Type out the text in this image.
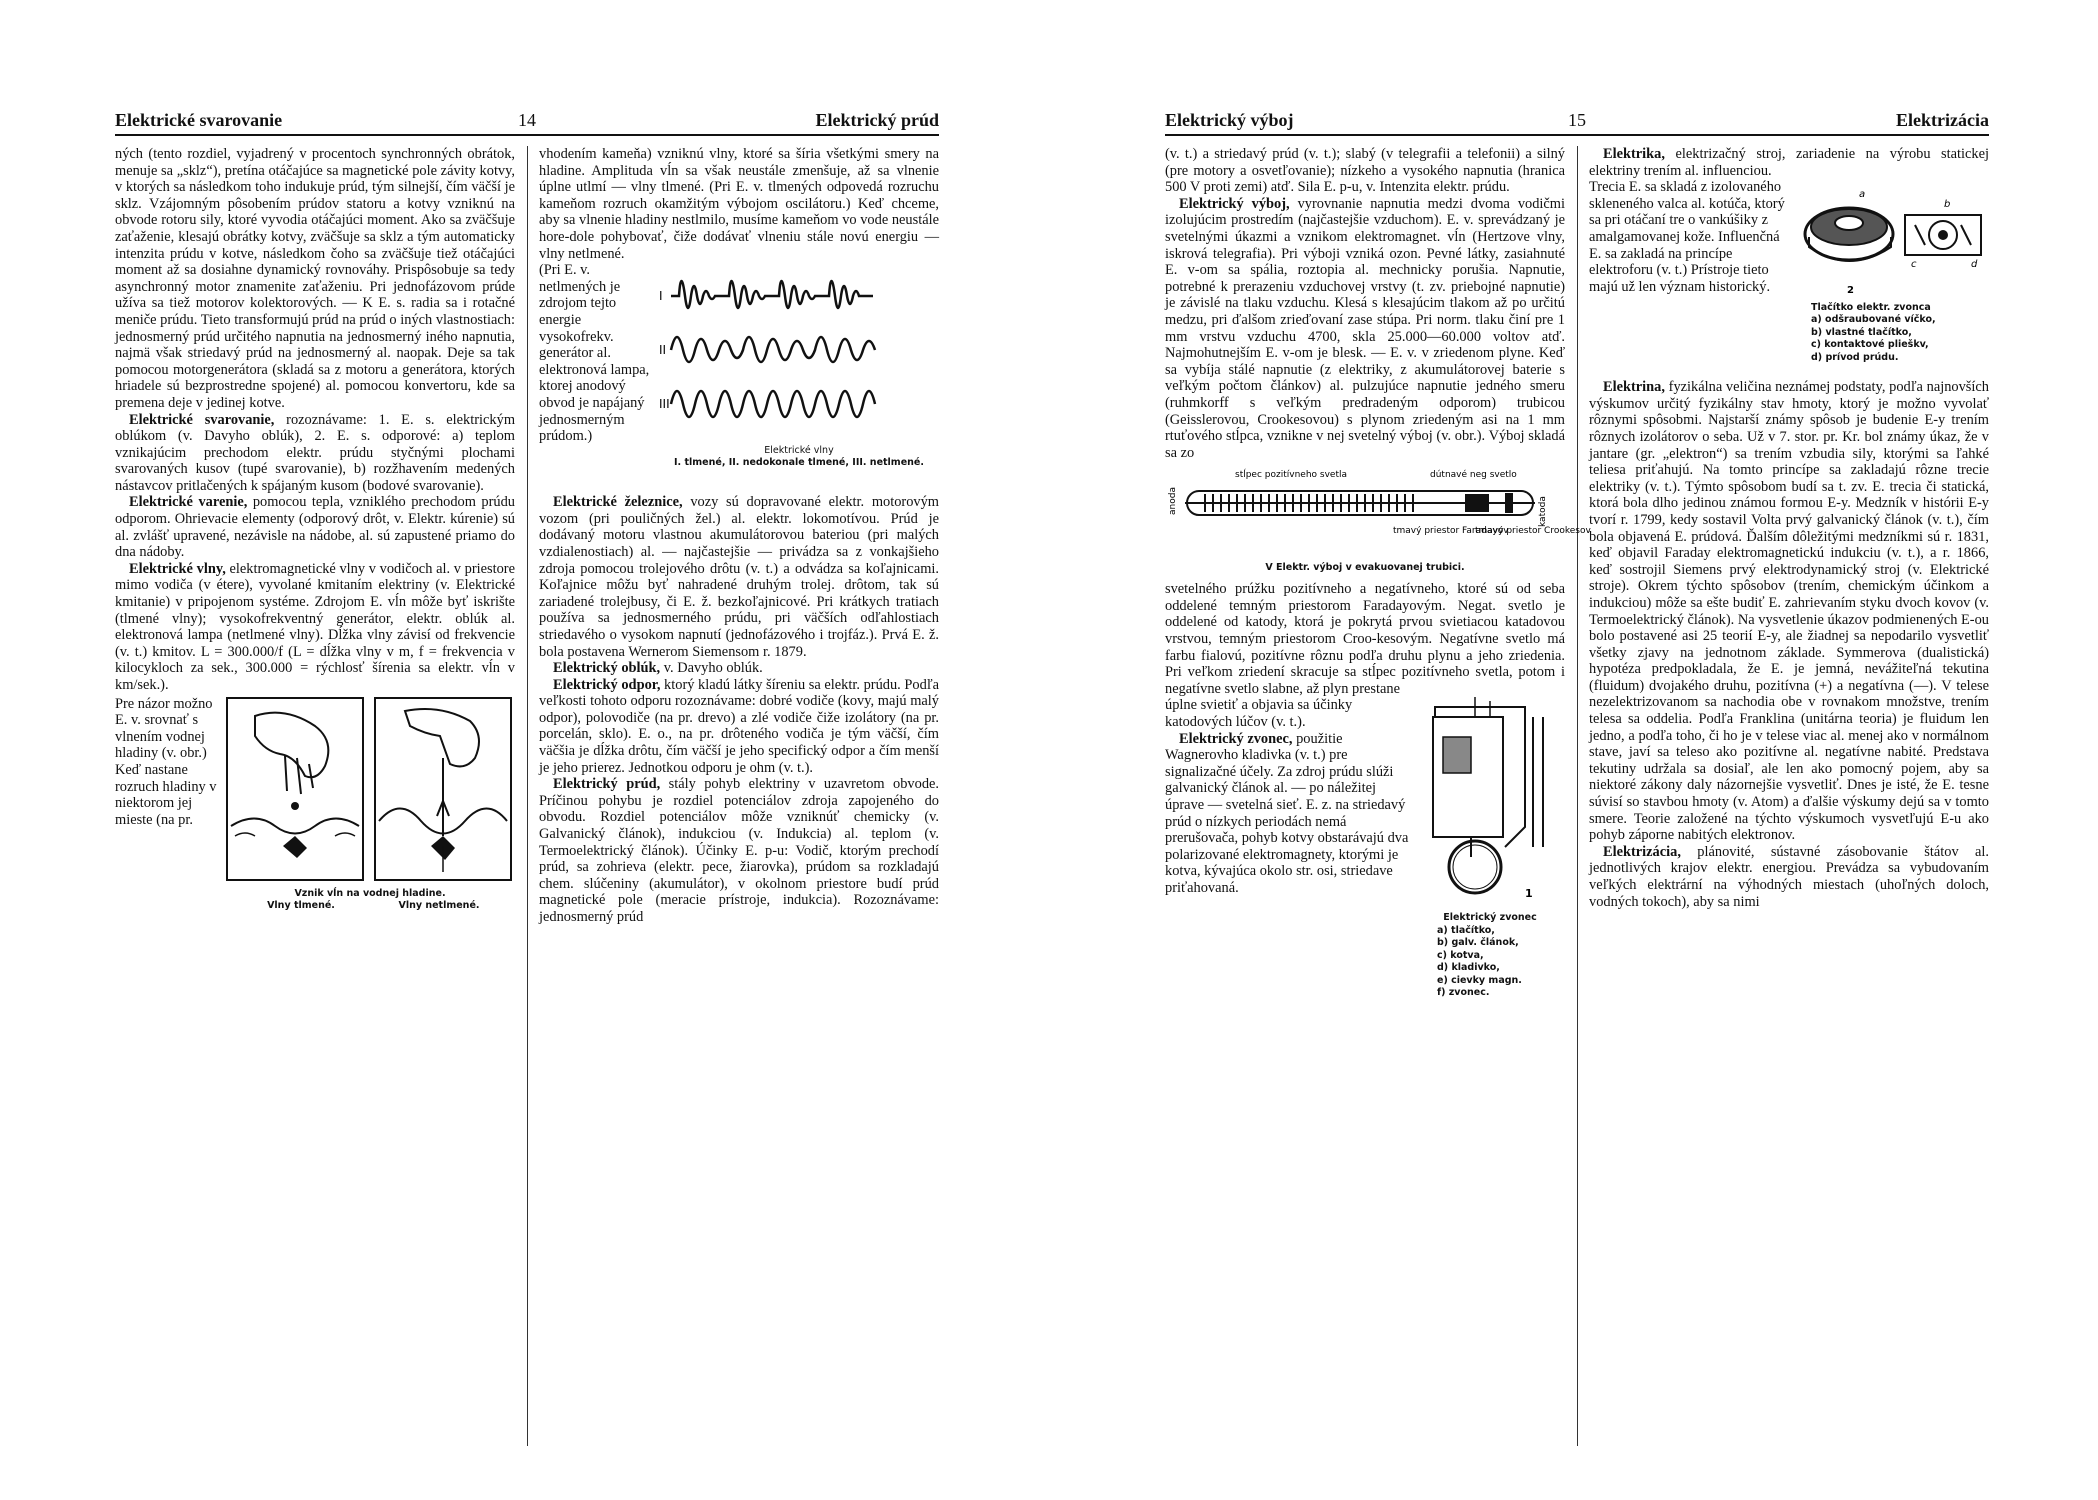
Elektrické svarovanie	14	Elektrický prúd

ných (tento rozdiel, vyjadrený v procentoch synchronných obrátok, menuje sa „sklz“), pretína otáčajúce sa magnetické pole závity kotvy, v ktorých sa následkom toho indukuje prúd, tým silnejší, čím väčší je sklz. Vzájomným pôsobením prúdov statoru a kotvy vzniknú na obvode rotoru sily, ktoré vyvodia otáčajúci moment. Ako sa zväčšuje zaťaženie, klesajú obrátky kotvy, zväčšuje sa sklz a tým automaticky intenzita prúdu v kotve, následkom čoho sa zväčšuje tiež otáčajúci moment až sa dosiahne dynamický rovnováhy. Prispôsobuje sa tedy asynchronný motor znamenite zaťaženiu. Pri jednofázovom prúde užíva sa tiež motorov kolektorových. — K E. s. radia sa i rotačné meniče prúdu. Tieto transformujú prúd na prúd o iných vlastnostiach: jednosmerný prúd určitého napnutia na jednosmerný iného napnutia, najmä však striedavý prúd na jednosmerný al. naopak. Deje sa tak pomocou motorgenerátora (skladá sa z motoru a generátora, ktorých hriadele sú bezprostredne spojené) al. pomocou konvertoru, kde sa premena deje v jedinej kotve.

Elektrické svarovanie, rozoznávame: 1. E. s. elektrickým oblúkom (v. Davyho oblúk), 2. E. s. odporové: a) teplom vznikajúcim prechodom elektr. prúdu styčnými plochami svarovaných kusov (tupé svarovanie), b) rozžhavením medených nástavcov pritlačených k spájaným kusom (bodové svarovanie).

Elektrické varenie, pomocou tepla, vzniklého prechodom prúdu odporom. Ohrievacie elementy (odporový drôt, v. Elektr. kúrenie) sú al. zvlášť upravené, nezávisle na nádobe, al. sú zapustené priamo do dna nádoby.

Elektrické vlny, elektromagnetické vlny v vodičoch al. v priestore mimo vodiča (v étere), vyvolané kmitaním elektriny (v. Elektrické kmitanie) v pripojenom systéme. Zdrojom E. vĺn môže byť iskrište (tlmené vlny); vysokofrekventný generátor, elektr. oblúk al. elektronová lampa (netlmené vlny). Dĺžka vlny závisí od frekvencie (v. t.) kmitov. L = 300.000/f (L = dĺžka vlny v m, f = frekvencia v kilocykloch za sek., 300.000 = rýchlosť šírenia sa elektr. vĺn v km/sek.).

Vznik vĺn na vodnej hladine.
Vlny tlmené.	Vlny netlmené.

Pre názor možno E. v. srovnať s vlnením vodnej hladiny (v. obr.) Keď nastane rozruch hladiny v niektorom jej mieste (na pr.

vhodením kameňa) vzniknú vlny, ktoré sa šíria všetkými smery na hladine. Amplituda vĺn sa však neustále zmenšuje, až sa vlnenie úplne utlmí — vlny tlmené. (Pri E. v. tlmených odpovedá rozruchu kameňom rozruch okamžitým výbojom oscilátoru.) Keď chceme, aby sa vlnenie hladiny nestlmilo, musíme kameňom vo vode neustále hore-dole pohybovať, čiže dodávať vlneniu stále novú energiu — vlny netlmené.

I
II
III
Elektrické vlny
I. tlmené, II. nedokonale tlmené, III. netlmené.

(Pri E. v. netlmených je zdrojom tejto energie vysokofrekv. generátor al. elektronová lampa, ktorej anodový obvod je napájaný jednosmerným prúdom.)

Elektrické železnice, vozy sú dopravované elektr. motorovým vozom (pri pouličných žel.) al. elektr. lokomotívou. Prúd je dodávaný motoru vlastnou akumulátorovou bateriou (pri malých vzdialenostiach) al. — najčastejšie — privádza sa z vonkajšieho zdroja pomocou trolejového drôtu (v. t.) a odvádza sa koľajnicami. Koľajnice môžu byť nahradené druhým trolej. drôtom, tak sú zariadené trolejbusy, či E. ž. bezkoľajnicové. Pri krátkych tratiach používa sa jednosmerného prúdu, pri väčších odľahlostiach striedavého o vysokom napnutí (jednofázového i trojfáz.). Prvá E. ž. bola postavena Wernerom Siemensom r. 1879.

Elektrický oblúk, v. Davyho oblúk.

Elektrický odpor, ktorý kladú látky šíreniu sa elektr. prúdu. Podľa veľkosti tohoto odporu rozoznávame: dobré vodiče (kovy, majú malý odpor), polovodiče (na pr. drevo) a zlé vodiče čiže izolátory (na pr. porcelán, sklo). E. o., na pr. drôteného vodiča je tým väčší, čím väčšia je dĺžka drôtu, čím väčší je jeho specifický odpor a čím menší je jeho prierez. Jednotkou odporu je ohm (v. t.).

Elektrický prúd, stály pohyb elektriny v uzavretom obvode. Príčinou pohybu je rozdiel potenciálov zdroja zapojeného do obvodu. Rozdiel potenciálov môže vzniknúť chemicky (v. Galvanický článok), indukciou (v. Indukcia) al. teplom (v. Termoelektrický článok). Účinky E. p-u: Vodič, ktorým prechodí prúd, sa zohrieva (elektr. pece, žiarovka), prúdom sa rozkladajú chem. slúčeniny (akumulátor), v okolnom priestore budí prúd magnetické pole (meracie prístroje, indukcia). Rozoznávame: jednosmerný prúd

Elektrický výboj	15	Elektrizácia

(v. t.) a striedavý prúd (v. t.); slabý (v telegrafii a telefonii) a silný (pre motory a osvetľovanie); nízkeho a vysokého napnutia (hranica 500 V proti zemi) atď. Sila E. p-u, v. Intenzita elektr. prúdu.

Elektrický výboj, vyrovnanie napnutia medzi dvoma vodičmi izolujúcim prostredím (najčastejšie vzduchom). E. v. sprevádzaný je svetelnými úkazmi a vznikom elektromagnet. vĺn (Hertzove vlny, iskrová telegrafia). Pri výboji vzniká ozon. Pevné látky, zasiahnuté E. v-om sa spália, roztopia al. mechnicky porušia. Napnutie, potrebné k prerazeniu vzduchovej vrstvy (t. zv. priebojné napnutie) je závislé na tlaku vzduchu. Klesá s klesajúcim tlakom až po určitú medzu, pri ďalšom zrieďovaní zase stúpa. Pri norm. tlaku činí pre 1 mm vrstvu vzduchu 4700, skla 25.000—60.000 voltov atď. Najmohutnejším E. v-om je blesk. — E. v. v zriedenom plyne. Keď sa vybíja stálé napnutie (z elektriky, z akumulátorovej baterie s veľkým počtom článkov) al. pulzujúce napnutie jedného smeru (ruhmkorff s veľkým predradeným odporom) trubicou (Geisslerovou, Crookesovou) s plynom zriedeným asi na 1 mm rtuťového stĺpca, vznikne v nej svetelný výboj (v. obr.). Výboj skladá sa zo

anoda	katoda
stĺpec pozitívneho svetla	dútnavé neg svetlo
tmavý priestor Faradayov
tmavý priestor Crookesov
V Elektr. výboj v evakuovanej trubici.

svetelného prúžku pozitívneho a negatívneho, ktoré sú od seba oddelené temným priestorom Faradayovým. Negat. svetlo je oddelené od katody, ktorá je pokrytá prvou svietiacou katadovou vrstvou, temným priestorom Croo-kesovým. Negatívne svetlo má farbu fialovú, pozitívne rôznu podľa druhu plynu a jeho zriedenia. Pri veľkom zriedení skracuje sa stĺpec pozitívneho svetla, potom i negatívne svetlo slabne, až plyn prestane

1
Elektrický zvonec
a) tlačítko,
b) galv. článok,
c) kotva,
d) kladivko,
e) cievky magn.
f) zvonec.

úplne svietiť a objavia sa účinky katodových lúčov (v. t.).

Elektrický zvonec, použitie Wagnerovho kladivka (v. t.) pre signalizačné účely. Za zdroj prúdu slúži galvanický článok al. — po náležitej úprave — svetelná sieť. E. z. na striedavý prúd o nízkych periodách nemá prerušovača, pohyb kotvy obstarávajú dva polarizované elektromagnety, ktorými je kotva, kývajúca okolo str. osi, striedave priťahovaná.

Elektrika, elektrizačný stroj, zariadenie na výrobu statickej elektriny trením al. influenciou.

a
b
c	d
2
Tlačítko elektr. zvonca
a) odšraubované víčko,
b) vlastné tlačítko,
c) kontaktové plieškv,
d) prívod prúdu.

Trecia E. sa skladá z izolovaného skleneného valca al. kotúča, ktorý sa pri otáčaní tre o vankúšiky z amalgamovanej kože. Influenčná E. sa zakladá na princípe elektroforu (v. t.) Prístroje tieto majú už len význam historický.

Elektrina, fyzikálna veličina neznámej podstaty, podľa najnovších výskumov určitý fyzikálny stav hmoty, ktorý je možno vyvolať rôznymi spôsobmi. Najstarší známy spôsob je budenie E-y trením rôznych izolátorov o seba. Už v 7. stor. pr. Kr. bol známy úkaz, že v jantare (gr. „elektron“) sa trením vzbudia sily, ktorými sa ľahké teliesa priťahujú. Na tomto princípe sa zakladajú rôzne trecie elektriky (v. t.). Týmto spôsobom budí sa t. zv. E. trecia či statická, ktorá bola dlho jedinou známou formou E-y. Medzník v histórii E-y tvorí r. 1799, kedy sostavil Volta prvý galvanický článok (v. t.), čím bola objavená E. prúdová. Ďalším dôležitými medzníkmi sú r. 1831, keď objavil Faraday elektromagnetickú indukciu (v. t.), a r. 1866, keď sostrojil Siemens prvý elektrodynamický stroj (v. Elektrické stroje). Okrem týchto spôsobov (trením, chemickým účinkom a indukciou) môže sa ešte budiť E. zahrievaním styku dvoch kovov (v. Termoelektrický článok). Na vysvetlenie úkazov podmienených E-ou bolo postavené asi 25 teorií E-y, ale žiadnej sa nepodarilo vysvetliť všetky zjavy na jednotnom základe. Symmerova (dualistická) hypotéza predpokladala, že E. je jemná, nevážiteľná tekutina (fluidum) dvojakého druhu, pozitívna (+) a negatívna (—). V telese nezelektrizovanom sa nachodia obe v rovnakom množstve, trením telesa sa oddelia. Podľa Franklina (unitárna teoria) je fluidum len jedno, a podľa toho, či ho je v telese viac al. menej ako v normálnom stave, javí sa teleso ako pozitívne al. negatívne nabité. Predstava tekutiny udržala sa dosiaľ, ale len ako pomocný pojem, aby sa niektoré zákony daly názornejšie vysvetliť. Dnes je isté, že E. tesne súvisí so stavbou hmoty (v. Atom) a ďalšie výskumy dejú sa v tomto smere. Teorie založené na týchto výskumoch vysvetľujú E-u ako pohyb záporne nabitých elektronov.

Elektrizácia, plánovité, sústavné zásobovanie štátov al. jednotlivých krajov elektr. energiou. Prevádza sa vybudovaním veľkých elektrární na výhodných miestach (uhoľných doloch, vodných tokoch), aby sa nimi
